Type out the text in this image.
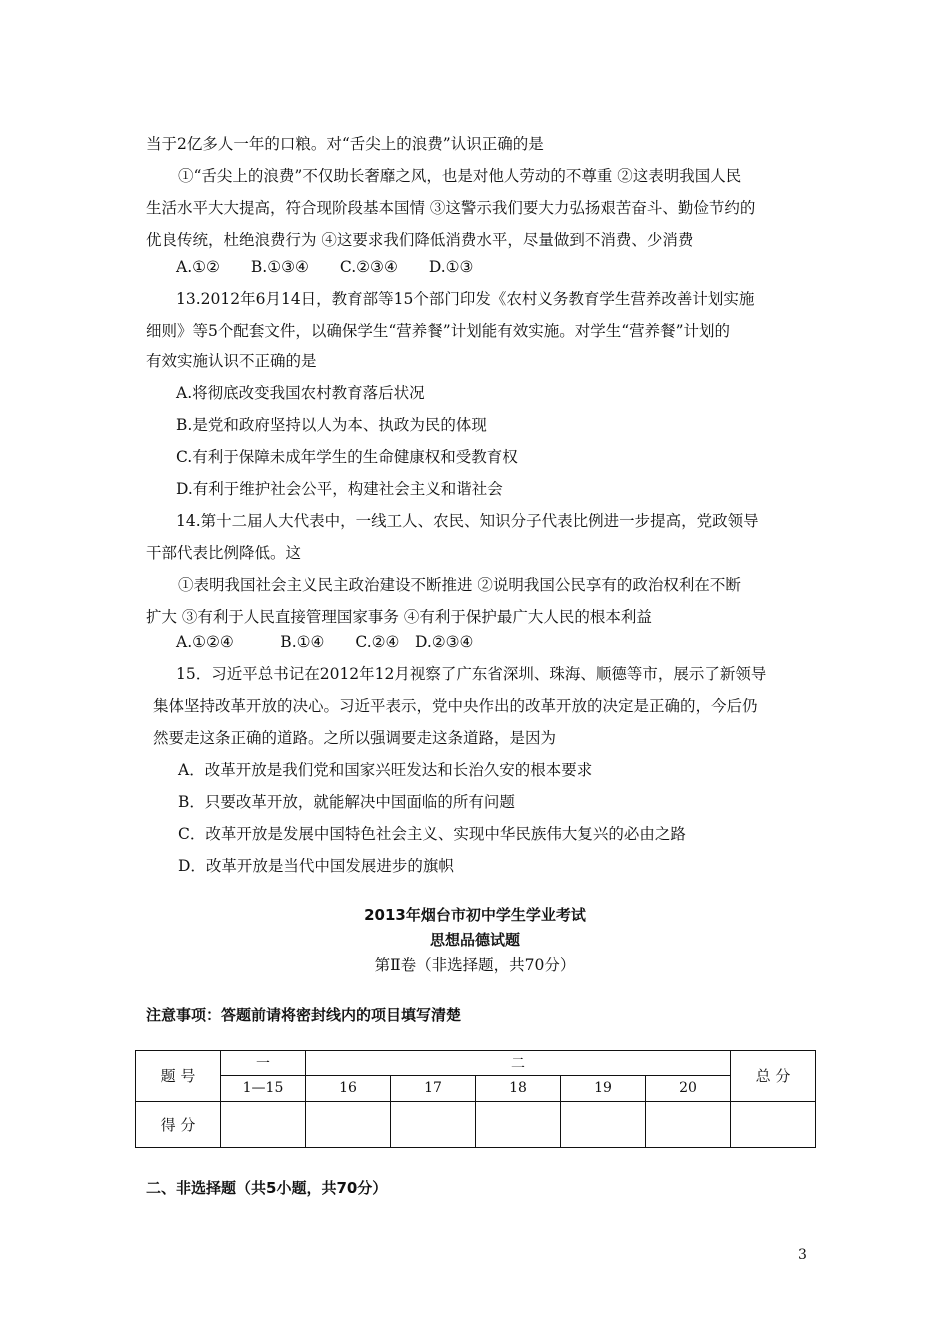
当于2亿多人一年的口粮。对“舌尖上的浪费”认识正确的是
①“舌尖上的浪费”不仅助长奢靡之风，也是对他人劳动的不尊重 ②这表明我国人民
生活水平大大提高，符合现阶段基本国情 ③这警示我们要大力弘扬艰苦奋斗、勤俭节约的
优良传统，杜绝浪费行为 ④这要求我们降低消费水平，尽量做到不消费、少消费
A.①②　　B.①③④　　C.②③④　　D.①③
13.2012年6月14日，教育部等15个部门印发《农村义务教育学生营养改善计划实施
细则》等5个配套文件，以确保学生“营养餐”计划能有效实施。对学生“营养餐”计划的
有效实施认识不正确的是
A.将彻底改变我国农村教育落后状况
B.是党和政府坚持以人为本、执政为民的体现
C.有利于保障未成年学生的生命健康权和受教育权
D.有利于维护社会公平，构建社会主义和谐社会
14.第十二届人大代表中，一线工人、农民、知识分子代表比例进一步提高，党政领导
干部代表比例降低。这
①表明我国社会主义民主政治建设不断推进 ②说明我国公民享有的政治权利在不断
扩大 ③有利于人民直接管理国家事务 ④有利于保护最广大人民的根本利益
A.①②④　　　B.①④　　C.②④　D.②③④
15．习近平总书记在2012年12月视察了广东省深圳、珠海、顺德等市，展示了新领导
集体坚持改革开放的决心。习近平表示，党中央作出的改革开放的决定是正确的，今后仍
然要走这条正确的道路。之所以强调要走这条道路，是因为
A．改革开放是我们党和国家兴旺发达和长治久安的根本要求
B．只要改革开放，就能解决中国面临的所有问题
C．改革开放是发展中国特色社会主义、实现中华民族伟大复兴的必由之路
D．改革开放是当代中国发展进步的旗帜
2013年烟台市初中学生学业考试
思想品德试题
第Ⅱ卷（非选择题，共70分）
注意事项：答题前请将密封线内的项目填写清楚
题 号	一	二					总 分
	1—15	16	17	18	19	20	
得 分							
二、非选择题（共5小题，共70分）
3
